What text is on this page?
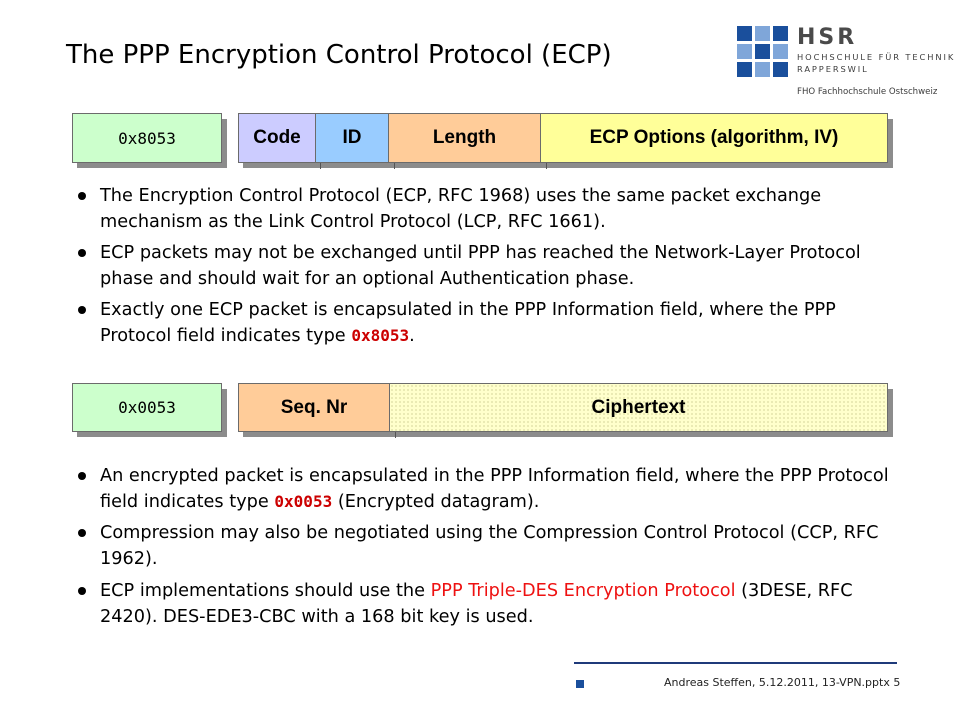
The PPP Encryption Control Protocol (ECP)
HSR
HOCHSCHULE FÜR TECHNIK
RAPPERSWIL
FHO Fachhochschule Ostschweiz
0x8053	Code	ID	Length	ECP Options (algorithm, IV)
The Encryption Control Protocol (ECP, RFC 1968) uses the same packet exchange mechanism as the Link Control Protocol (LCP, RFC 1661).
ECP packets may not be exchanged until PPP has reached the Network-Layer Protocol phase and should wait for an optional Authentication phase.
Exactly one ECP packet is encapsulated in the PPP Information field, where the PPP Protocol field indicates type 0x8053.
0x0053	Seq. Nr	Ciphertext
An encrypted packet is encapsulated in the PPP Information field, where the PPP Protocol field indicates type 0x0053 (Encrypted datagram).
Compression may also be negotiated using the Compression Control Protocol (CCP, RFC 1962).
ECP implementations should use the PPP Triple-DES Encryption Protocol (3DESE, RFC 2420). DES-EDE3-CBC with a 168 bit key is used.
Andreas Steffen, 5.12.2011, 13-VPN.pptx 5
